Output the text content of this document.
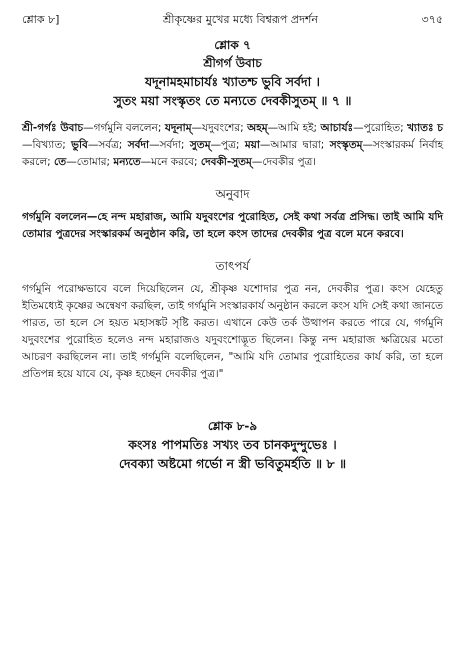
শ্লোক ৮]	শ্রীকৃষ্ণের মুখের মধ্যে বিশ্বরূপ প্রদর্শন	৩৭৫
শ্লোক ৭
শ্রীগর্গ উবাচ
যদূনামহমাচার্যঃ খ্যাতশ্চ ভুবি সর্বদা ।
সুতং ময়া সংস্কৃতং তে মন্যতে দেবকীসুতম্ ॥ ৭ ॥
শ্রী-গর্গঃ উবাচ—গর্গমুনি বললেন; যদূনাম্—যদুবংশের; অহম্—আমি হই; আচার্যঃ—পুরোহিত; খ্যাতঃ চ—বিখ্যাত; ভুবি—সর্বত্র; সর্বদা—সর্বদা; সুতম্—পুত্র; ময়া—আমার দ্বারা; সংস্কৃতম্—সংস্কারকর্ম নির্বাহ করলে; তে—তোমার; মন্যতে—মনে করবে; দেবকী-সুতম্—দেবকীর পুত্র।
অনুবাদ
গর্গমুনি বললেন—হে নন্দ মহারাজ, আমি যদুবংশের পুরোহিত, সেই কথা সর্বত্র প্রসিদ্ধ। তাই আমি যদি তোমার পুত্রদের সংস্কারকর্ম অনুষ্ঠান করি, তা হলে কংস তাদের দেবকীর পুত্র বলে মনে করবে।
তাৎপর্য
গর্গমুনি পরোক্ষভাবে বলে দিয়েছিলেন যে, শ্রীকৃষ্ণ যশোদার পুত্র নন, দেবকীর পুত্র। কংস যেহেতু ইতিমধ্যেই কৃষ্ণের অন্বেষণ করছিল, তাই গর্গমুনি সংস্কারকার্য অনুষ্ঠান করলে কংস যদি সেই কথা জানতে পারত, তা হলে সে হয়ত মহাসঙ্কট সৃষ্টি করত। এখানে কেউ তর্ক উত্থাপন করতে পারে যে, গর্গমুনি যদুবংশের পুরোহিত হলেও নন্দ মহারাজও যদুবংশোদ্ভূত ছিলেন। কিন্তু নন্দ মহারাজ ক্ষত্রিয়ের মতো আচরণ করছিলেন না। তাই গর্গমুনি বলেছিলেন, "আমি যদি তোমার পুরোহিতের কার্য করি, তা হলে প্রতিপন্ন হয়ে যাবে যে, কৃষ্ণ হচ্ছেন দেবকীর পুত্র।"
শ্লোক ৮-৯
কংসঃ পাপমতিঃ সখ্যং তব চানকদুন্দুভেঃ ।
দেবক্যা অষ্টমো গর্ভো ন স্ত্রী ভবিতুমর্হতি ॥ ৮ ॥
